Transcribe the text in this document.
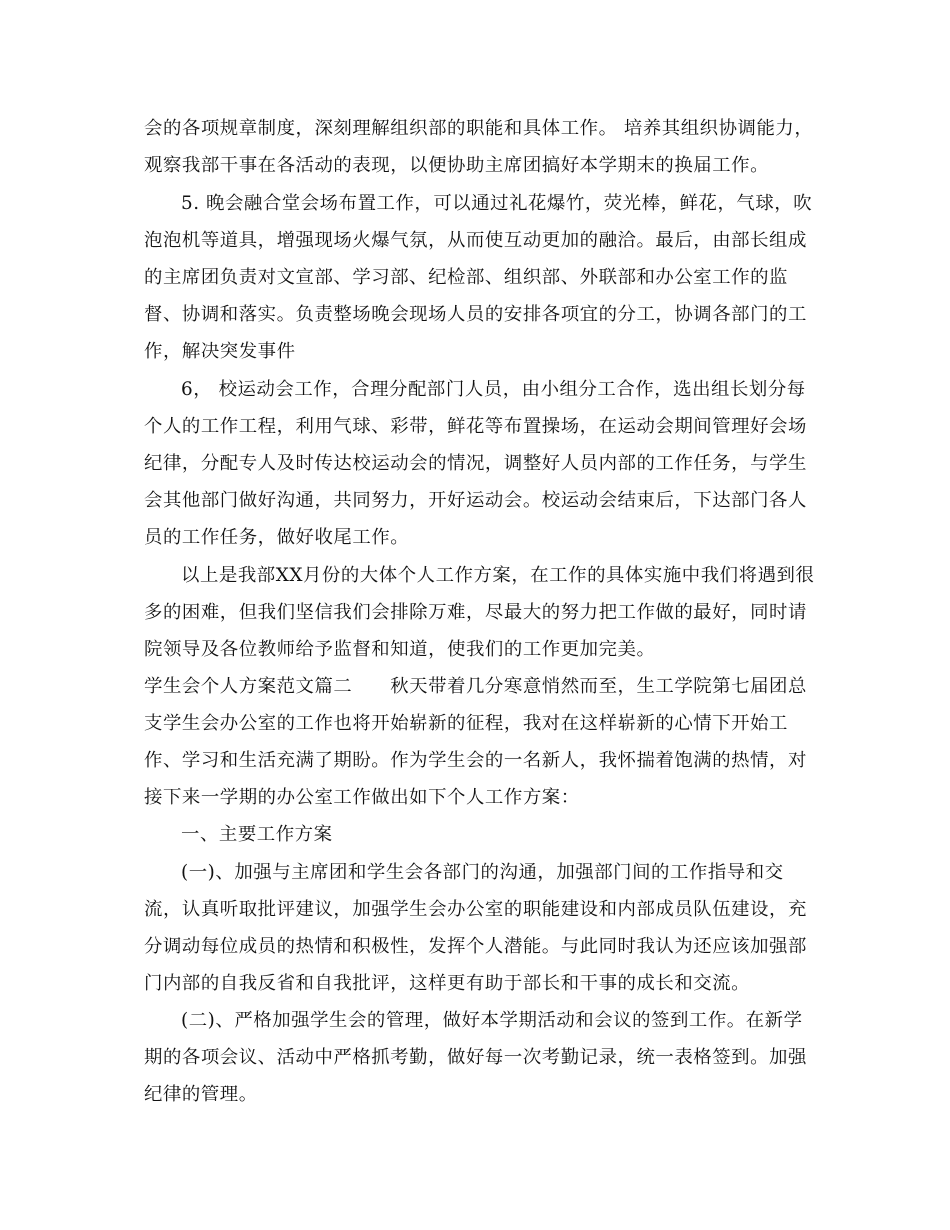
会的各项规章制度，深刻理解组织部的职能和具体工作。 培养其组织协调能力，
观察我部干事在各活动的表现，以便协助主席团搞好本学期末的换届工作。
5. 晚会融合堂会场布置工作，可以通过礼花爆竹，荧光棒，鲜花，气球，吹
泡泡机等道具，增强现场火爆气氛，从而使互动更加的融洽。最后，由部长组成
的主席团负责对文宣部、学习部、纪检部、组织部、外联部和办公室工作的监
督、协调和落实。负责整场晚会现场人员的安排各项宜的分工，协调各部门的工
作，解决突发事件
6， 校运动会工作，合理分配部门人员，由小组分工合作，选出组长划分每
个人的工作工程，利用气球、彩带，鲜花等布置操场，在运动会期间管理好会场
纪律，分配专人及时传达校运动会的情况，调整好人员内部的工作任务，与学生
会其他部门做好沟通，共同努力，开好运动会。校运动会结束后，下达部门各人
员的工作任务，做好收尾工作。
以上是我部XX月份的大体个人工作方案，在工作的具体实施中我们将遇到很
多的困难，但我们坚信我们会排除万难，尽最大的努力把工作做的最好，同时请
院领导及各位教师给予监督和知道，使我们的工作更加完美。
学生会个人方案范文篇二　　秋天带着几分寒意悄然而至，生工学院第七届团总
支学生会办公室的工作也将开始崭新的征程，我对在这样崭新的心情下开始工
作、学习和生活充满了期盼。作为学生会的一名新人，我怀揣着饱满的热情，对
接下来一学期的办公室工作做出如下个人工作方案：
一、主要工作方案
(一)、加强与主席团和学生会各部门的沟通，加强部门间的工作指导和交
流，认真听取批评建议，加强学生会办公室的职能建设和内部成员队伍建设，充
分调动每位成员的热情和积极性，发挥个人潜能。与此同时我认为还应该加强部
门内部的自我反省和自我批评，这样更有助于部长和干事的成长和交流。
(二)、严格加强学生会的管理，做好本学期活动和会议的签到工作。在新学
期的各项会议、活动中严格抓考勤，做好每一次考勤记录，统一表格签到。加强
纪律的管理。
